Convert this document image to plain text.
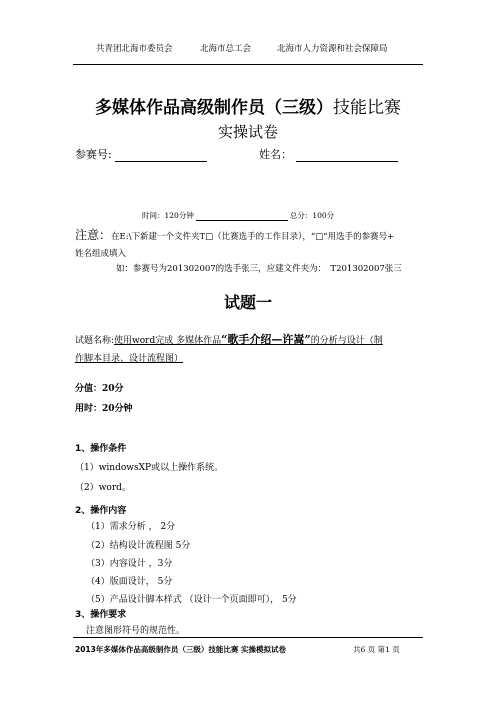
共青团北海市委员会	北海市总工会	北海市人力资源和社会保障局
多媒体作品高级制作员（三级）技能比赛
实操试卷
参赛号:	姓名：
时间：120分钟	总分：100分
注意：在E:\下新建一个文件夹T□（比赛选手的工作目录），“□”用选手的参赛号+
姓名组成填入
如：参赛号为201302007的选手张三，应建文件夹为：　T201302007张三
试题一
试题名称:使用word完成 多媒体作品“歌手介绍—许嵩”的分析与设计（制
作脚本目录、设计流程图）
分值：20分
用时：20分钟
1、操作条件
（1）windowsXP或以上操作系统。
（2）word。
2、操作内容
（1）需求分析 ， 2分
（2）结构设计流程图 5分
（3）内容设计 ，3分
（4）版面设计， 5分
（5）产品设计脚本样式 （设计一个页面即可）， 5分
3、操作要求
注意图形符号的规范性。
2013年多媒体作品高级制作员（三级）技能比赛 实操模拟试卷	共6 页 第1 页
